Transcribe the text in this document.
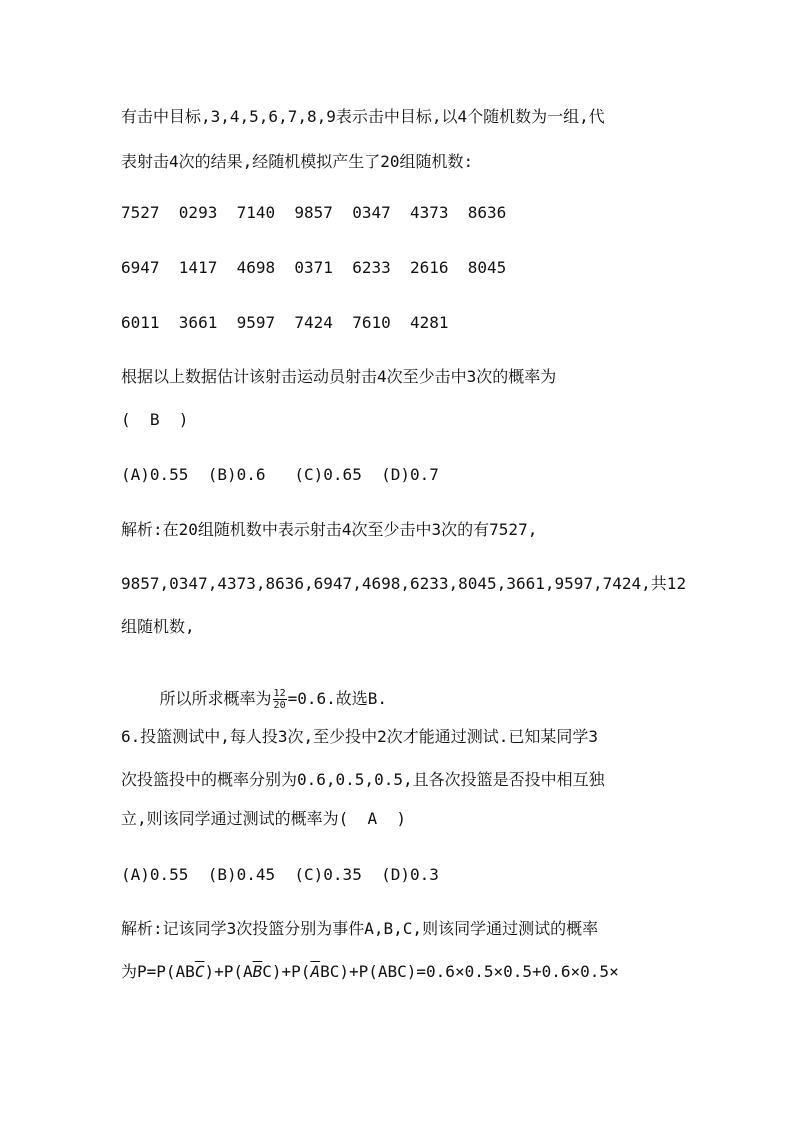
有击中目标,3,4,5,6,7,8,9表示击中目标,以4个随机数为一组,代
表射击4次的结果,经随机模拟产生了20组随机数:
7527  0293  7140  9857  0347  4373  8636
6947  1417  4698  0371  6233  2616  8045
6011  3661  9597  7424  7610  4281
根据以上数据估计该射击运动员射击4次至少击中3次的概率为
(  B  )
(A)0.55  (B)0.6   (C)0.65  (D)0.7
解析:在20组随机数中表示射击4次至少击中3次的有7527,
9857,0347,4373,8636,6947,4698,6233,8045,3661,9597,7424,共12
组随机数,

所以所求概率为 $\frac{12}{20} =0.6$.故选B.

6.投篮测试中,每人投3次,至少投中2次才能通过测试.已知某同学3
次投篮投中的概率分别为0.6,0.5,0.5,且各次投篮是否投中相互独
立,则该同学通过测试的概率为(  A  )
(A)0.55  (B)0.45  (C)0.35  (D)0.3
解析:记该同学3次投篮分别为事件A,B,C,则该同学通过测试的概率
为$P=P(AB\overline{C})+P(A\overline{B}C)+P(\overline{A}BC)+P(ABC)=0.6\times 0.5\times 0.5+0.6\times 0.5\times$
